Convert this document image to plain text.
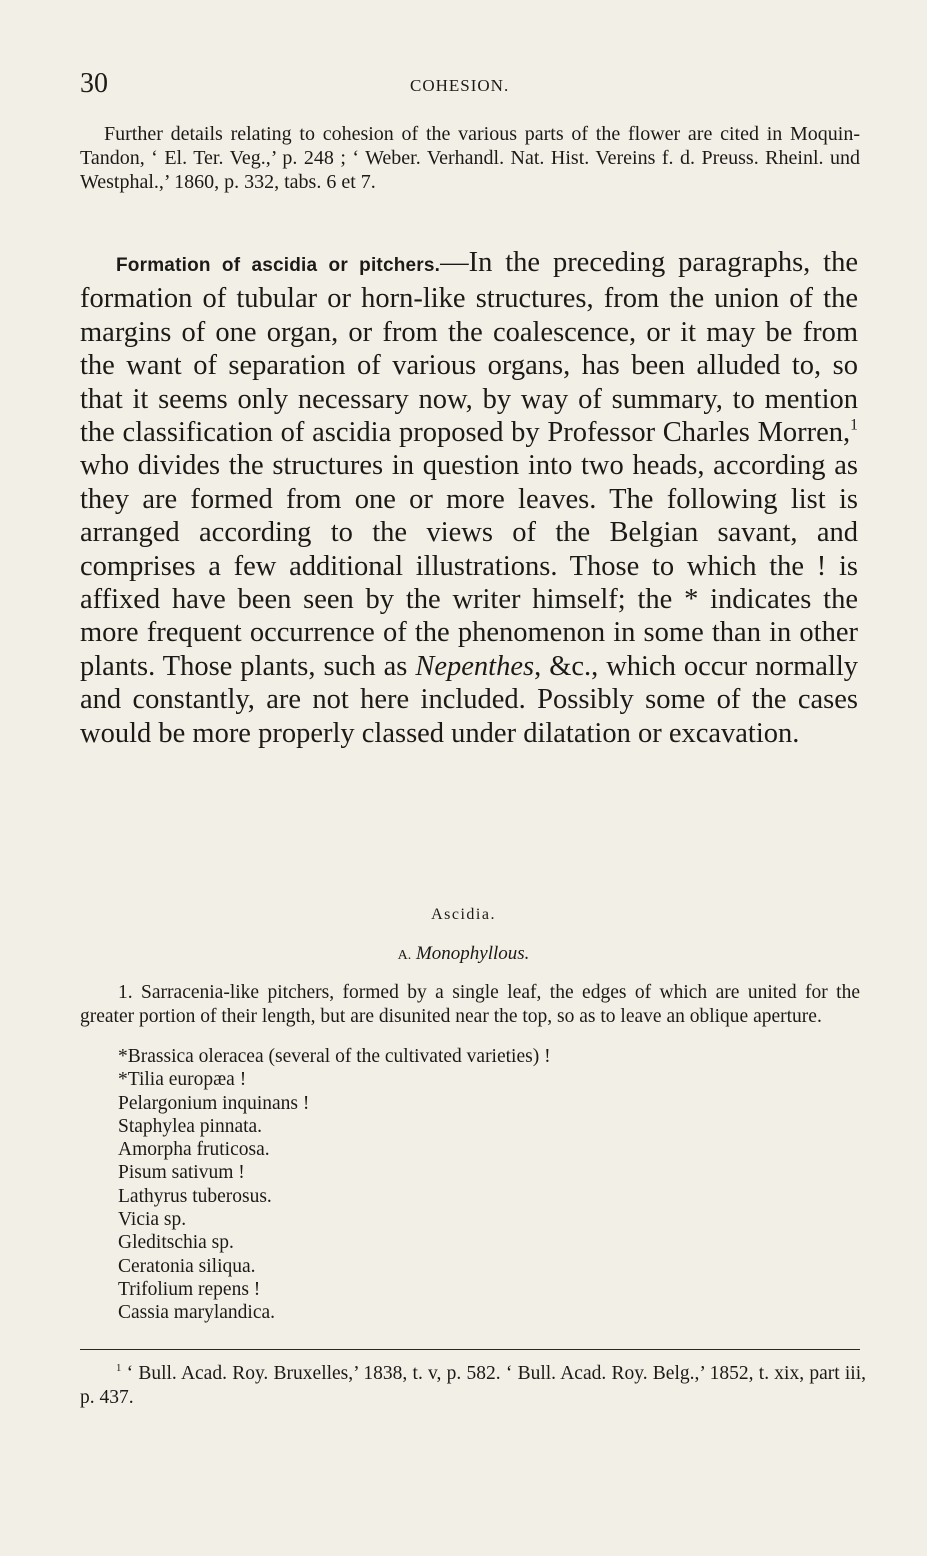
30	COHESION.

Further details relating to cohesion of the various parts of the flower are cited in Moquin-Tandon, ‘ El. Ter. Veg.,’ p. 248 ; ‘ Weber. Verhandl. Nat. Hist. Vereins f. d. Preuss. Rheinl. und Westphal.,’ 1860, p. 332, tabs. 6 et 7.

Formation of ascidia or pitchers.—In the preceding paragraphs, the formation of tubular or horn-like structures, from the union of the margins of one organ, or from the coalescence, or it may be from the want of separation of various organs, has been alluded to, so that it seems only necessary now, by way of summary, to mention the classification of ascidia proposed by Professor Charles Morren,$^1$ who divides the structures in question into two heads, according as they are formed from one or more leaves. The following list is arranged according to the views of the Belgian savant, and comprises a few additional illustrations. Those to which the ! is affixed have been seen by the writer himself; the * indicates the more frequent occurrence of the phenomenon in some than in other plants. Those plants, such as Nepenthes, &c., which occur normally and constantly, are not here included. Possibly some of the cases would be more properly classed under dilatation or excavation.

Ascidia.
A. Monophyllous.

1. Sarracenia-like pitchers, formed by a single leaf, the edges of which are united for the greater portion of their length, but are disunited near the top, so as to leave an oblique aperture.

*Brassica oleracea (several of the cultivated varieties) !
*Tilia europæa !
Pelargonium inquinans !
Staphylea pinnata.
Amorpha fruticosa.
Pisum sativum !
Lathyrus tuberosus.
Vicia sp.
Gleditschia sp.
Ceratonia siliqua.
Trifolium repens !
Cassia marylandica.

$^1$ ‘ Bull. Acad. Roy. Bruxelles,’ 1838, t. v, p. 582. ‘ Bull. Acad. Roy. Belg.,’ 1852, t. xix, part iii, p. 437.
